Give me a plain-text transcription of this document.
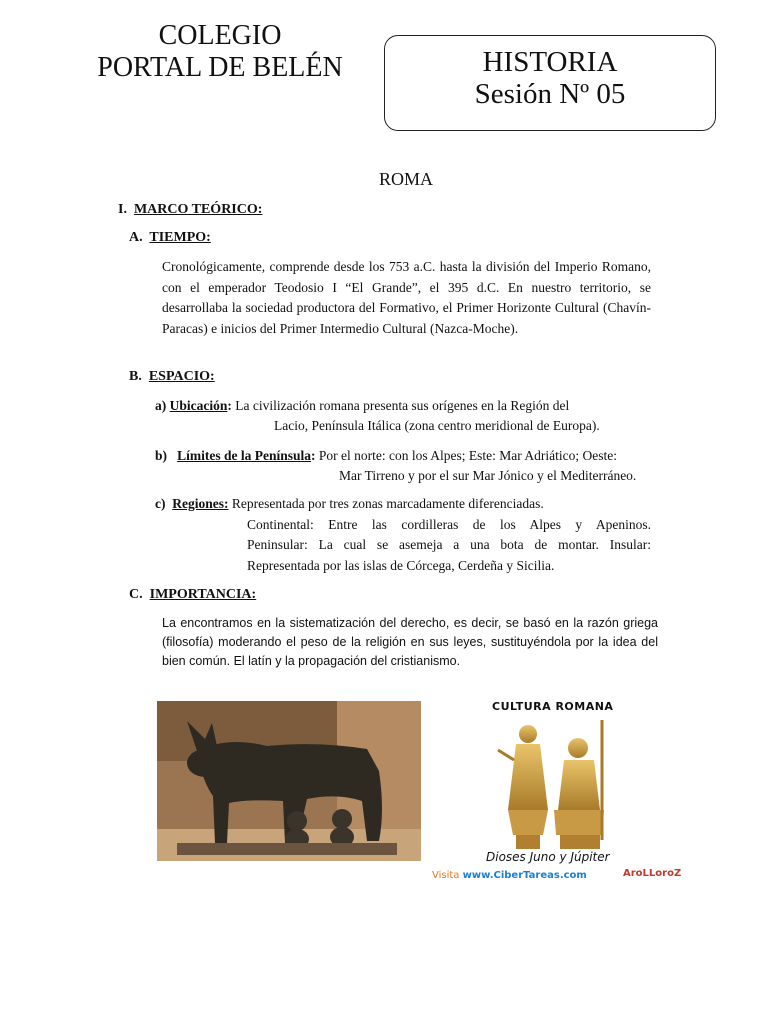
COLEGIO
PORTAL DE BELÉN	HISTORIA
Sesión Nº 05
ROMA
I. MARCO TEÓRICO:
A. TIEMPO:
Cronológicamente, comprende desde los 753 a.C. hasta la división del Imperio Romano, con el emperador Teodosio I “El Grande”, el 395 d.C. En nuestro territorio, se desarrollaba la sociedad productora del Formativo, el Primer Horizonte Cultural (Chavín-Paracas) e inicios del Primer Intermedio Cultural (Nazca-Moche).
B. ESPACIO:
a) Ubicación: La civilización romana presenta sus orígenes en la Región del
Lacio, Península Itálica (zona centro meridional de Europa).
b) Límites de la Península: Por el norte: con los Alpes; Este: Mar Adriático; Oeste:
Mar Tirreno y por el sur Mar Jónico y el Mediterráneo.
c) Regiones: Representada por tres zonas marcadamente diferenciadas.
Continental: Entre las cordilleras de los Alpes y Apeninos.
Peninsular: La cual se asemeja a una bota de montar. Insular:
Representada por las islas de Córcega, Cerdeña y Sicilia.
C. IMPORTANCIA:
La encontramos en la sistematización del derecho, es decir, se basó en la razón griega (filosofía) moderando el peso de la religión en sus leyes, sustituyéndola por la idea del bien común. El latín y la propagación del cristianismo.
CULTURA ROMANA
Dioses Juno y Júpiter
Visita www.CiberTareas.com	AroLLoroZ
